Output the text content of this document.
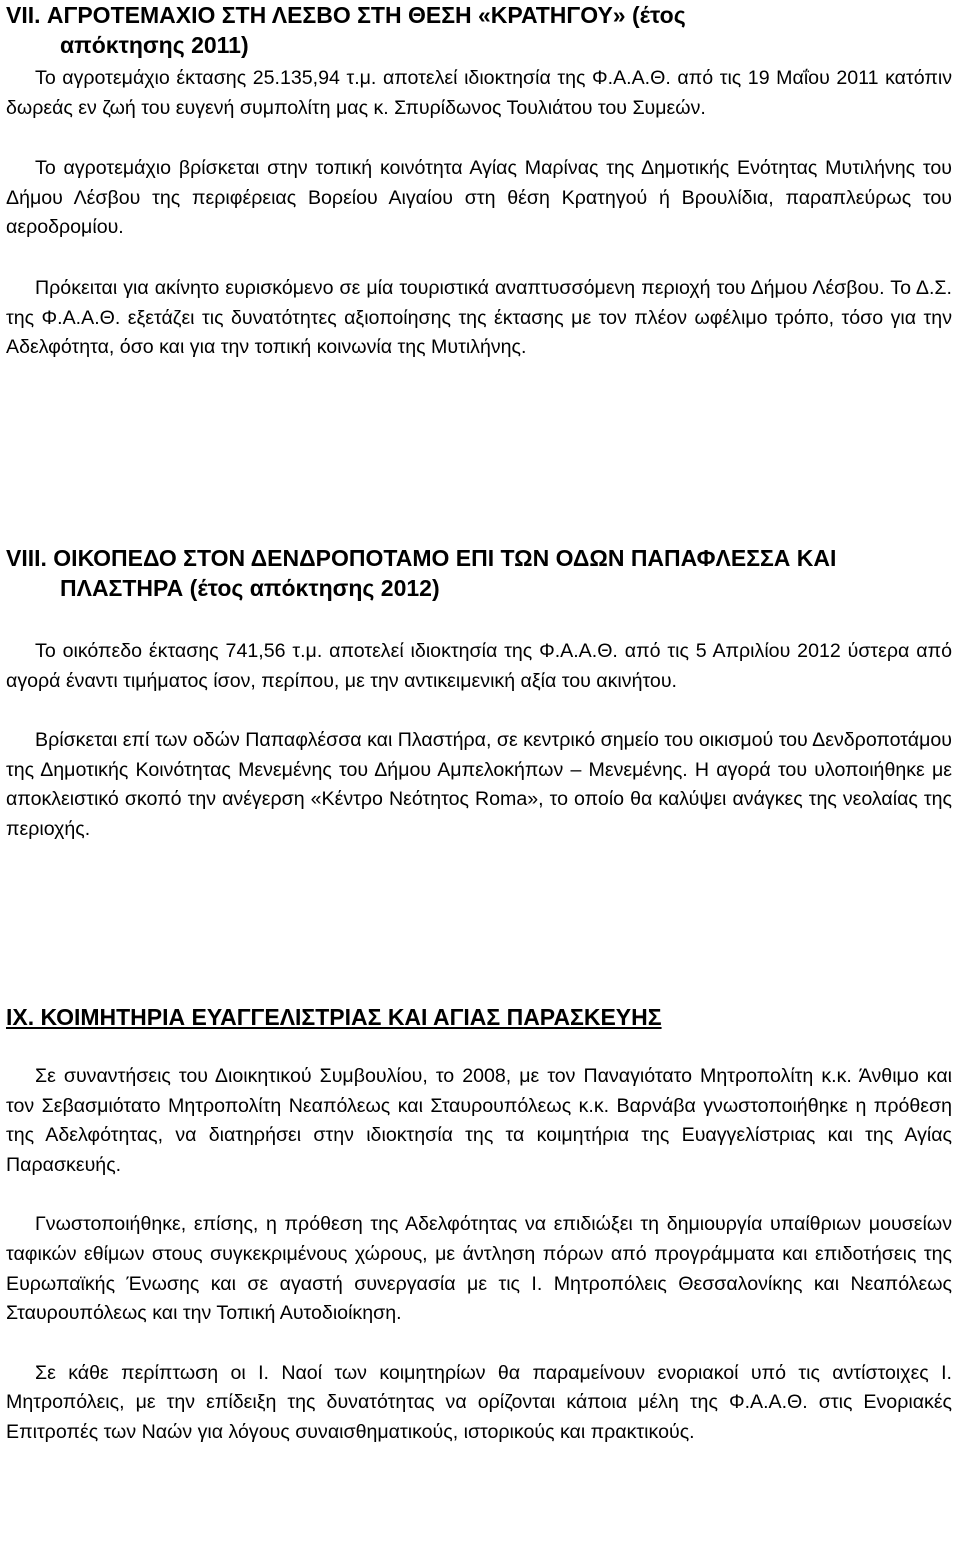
VII. ΑΓΡΟΤΕΜΑΧΙΟ ΣΤΗ ΛΕΣΒΟ ΣΤΗ ΘΕΣΗ «ΚΡΑΤΗΓΟΥ» (έτος
απόκτησης 2011)

Το αγροτεμάχιο έκτασης 25.135,94 τ.μ. αποτελεί ιδιοκτησία της Φ.Α.Α.Θ. από τις 19 Μαΐου 2011 κατόπιν δωρεάς εν ζωή του ευγενή συμπολίτη μας κ. Σπυρίδωνος Τουλιάτου του Συμεών.

Το αγροτεμάχιο βρίσκεται στην τοπική κοινότητα Αγίας Μαρίνας της Δημοτικής Ενότητας Μυτιλήνης του Δήμου Λέσβου της περιφέρειας Βορείου Αιγαίου στη θέση Κρατηγού ή Βρουλίδια, παραπλεύρως του αεροδρομίου.

Πρόκειται για ακίνητο ευρισκόμενο σε μία τουριστικά αναπτυσσόμενη περιοχή του Δήμου Λέσβου. Το Δ.Σ. της Φ.Α.Α.Θ. εξετάζει τις δυνατότητες αξιοποίησης της έκτασης με τον πλέον ωφέλιμο τρόπο, τόσο για την Αδελφότητα, όσο και για την τοπική κοινωνία της Μυτιλήνης.

VIII. ΟΙΚΟΠΕΔΟ ΣΤΟΝ ΔΕΝΔΡΟΠΟΤΑΜΟ ΕΠΙ ΤΩΝ ΟΔΩΝ ΠΑΠΑΦΛΕΣΣΑ ΚΑΙ
ΠΛΑΣΤΗΡΑ (έτος απόκτησης 2012)

Το οικόπεδο έκτασης 741,56 τ.μ. αποτελεί ιδιοκτησία της Φ.Α.Α.Θ. από τις 5 Απριλίου 2012 ύστερα από αγορά έναντι τιμήματος ίσον, περίπου, με την αντικειμενική αξία του ακινήτου.

Βρίσκεται επί των οδών Παπαφλέσσα και Πλαστήρα, σε κεντρικό σημείο του οικισμού του Δενδροποτάμου της Δημοτικής Κοινότητας Μενεμένης του Δήμου Αμπελοκήπων – Μενεμένης. Η αγορά του υλοποιήθηκε με αποκλειστικό σκοπό την ανέγερση «Κέντρο Νεότητος Roma», το οποίο θα καλύψει ανάγκες της νεολαίας της περιοχής.

IX. ΚΟΙΜΗΤΗΡΙΑ ΕΥΑΓΓΕΛΙΣΤΡΙΑΣ ΚΑΙ ΑΓΙΑΣ ΠΑΡΑΣΚΕΥΗΣ

Σε συναντήσεις του Διοικητικού Συμβουλίου, το 2008, με τον Παναγιότατο Μητροπολίτη κ.κ. Άνθιμο και τον Σεβασμιότατο Μητροπολίτη Νεαπόλεως και Σταυρουπόλεως κ.κ. Βαρνάβα γνωστοποιήθηκε η πρόθεση της Αδελφότητας, να διατηρήσει στην ιδιοκτησία της τα κοιμητήρια της Ευαγγελίστριας και της Αγίας Παρασκευής.

Γνωστοποιήθηκε, επίσης, η πρόθεση της Αδελφότητας να επιδιώξει τη δημιουργία υπαίθριων μουσείων ταφικών εθίμων στους συγκεκριμένους χώρους, με άντληση πόρων από προγράμματα και επιδοτήσεις της Ευρωπαϊκής Ένωσης και σε αγαστή συνεργασία με τις Ι. Μητροπόλεις Θεσσαλονίκης και Νεαπόλεως Σταυρουπόλεως και την Τοπική Αυτοδιοίκηση.

Σε κάθε περίπτωση οι Ι. Ναοί των κοιμητηρίων θα παραμείνουν ενοριακοί υπό τις αντίστοιχες Ι. Μητροπόλεις, με την επίδειξη της δυνατότητας να ορίζονται κάποια μέλη της Φ.Α.Α.Θ. στις Ενοριακές Επιτροπές των Ναών για λόγους συναισθηματικούς, ιστορικούς και πρακτικούς.
